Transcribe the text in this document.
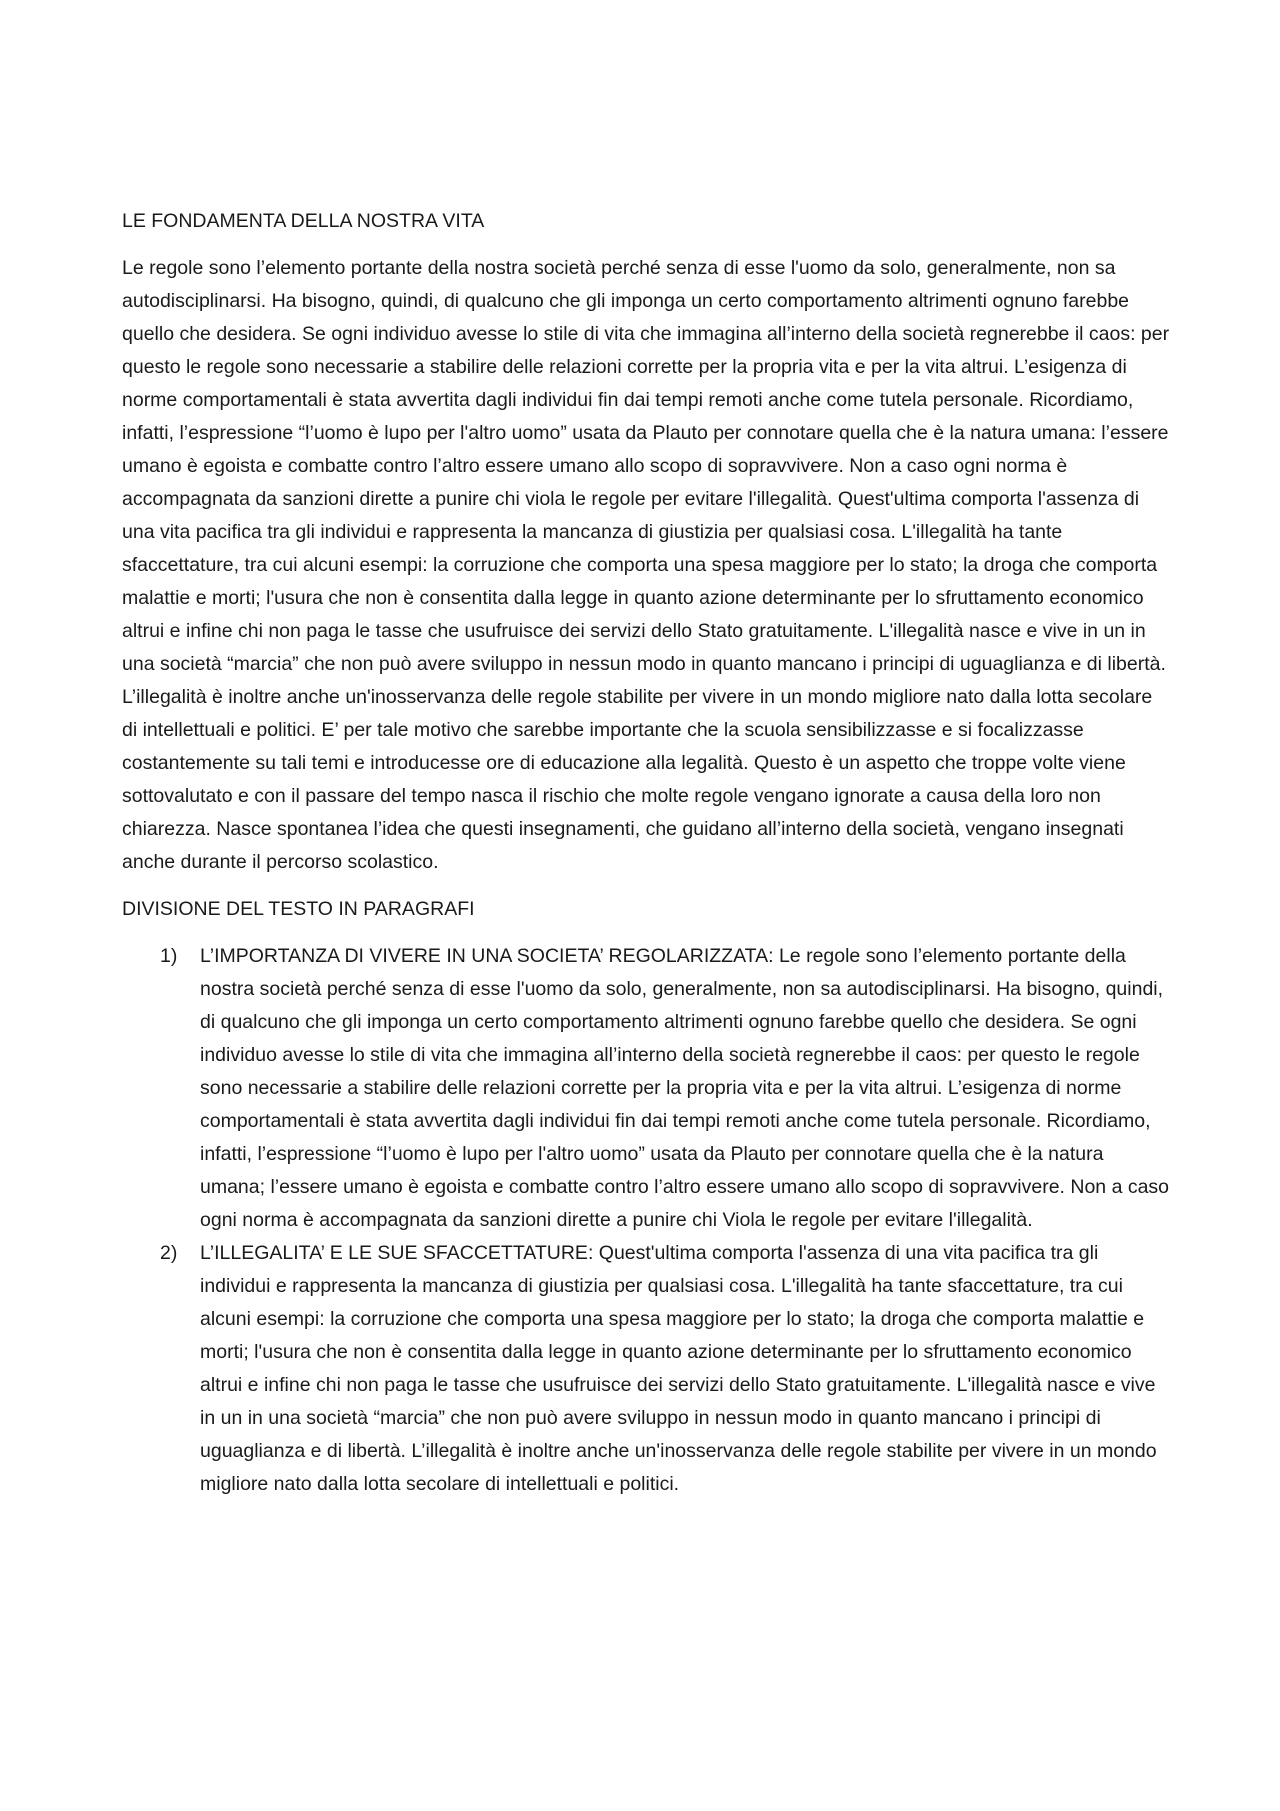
LE FONDAMENTA DELLA NOSTRA VITA

Le regole sono l’elemento portante della nostra società perché senza di esse l'uomo da solo, generalmente, non sa autodisciplinarsi. Ha bisogno, quindi, di qualcuno che gli imponga un certo comportamento altrimenti ognuno farebbe quello che desidera. Se ogni individuo avesse lo stile di vita che immagina all’interno della società regnerebbe il caos: per questo le regole sono necessarie a stabilire delle relazioni corrette per la propria vita e per la vita altrui. L’esigenza di norme comportamentali è stata avvertita dagli individui fin dai tempi remoti anche come tutela personale. Ricordiamo, infatti, l’espressione “l’uomo è lupo per l'altro uomo” usata da Plauto per connotare quella che è la natura umana: l’essere umano è egoista e combatte contro l’altro essere umano allo scopo di sopravvivere. Non a caso ogni norma è accompagnata da sanzioni dirette a punire chi viola le regole per evitare l'illegalità. Quest'ultima comporta l'assenza di una vita pacifica tra gli individui e rappresenta la mancanza di giustizia per qualsiasi cosa. L'illegalità ha tante sfaccettature, tra cui alcuni esempi: la corruzione che comporta una spesa maggiore per lo stato; la droga che comporta malattie e morti; l'usura che non è consentita dalla legge in quanto azione determinante per lo sfruttamento economico altrui e infine chi non paga le tasse che usufruisce dei servizi dello Stato gratuitamente. L'illegalità nasce e vive in un in una società “marcia” che non può avere sviluppo in nessun modo in quanto mancano i principi di uguaglianza e di libertà. L’illegalità è inoltre anche un'inosservanza delle regole stabilite per vivere in un mondo migliore nato dalla lotta secolare di intellettuali e politici. E’ per tale motivo che sarebbe importante che la scuola sensibilizzasse e si focalizzasse costantemente su tali temi e introducesse ore di educazione alla legalità. Questo è un aspetto che troppe volte viene sottovalutato e con il passare del tempo nasca il rischio che molte regole vengano ignorate a causa della loro non chiarezza. Nasce spontanea l’idea che questi insegnamenti, che guidano all’interno della società, vengano insegnati anche durante il percorso scolastico.

DIVISIONE DEL TESTO IN PARAGRAFI

1) L’IMPORTANZA DI VIVERE IN UNA SOCIETA’ REGOLARIZZATA: Le regole sono l’elemento portante della nostra società perché senza di esse l'uomo da solo, generalmente, non sa autodisciplinarsi. Ha bisogno, quindi, di qualcuno che gli imponga un certo comportamento altrimenti ognuno farebbe quello che desidera. Se ogni individuo avesse lo stile di vita che immagina all’interno della società regnerebbe il caos: per questo le regole sono necessarie a stabilire delle relazioni corrette per la propria vita e per la vita altrui. L’esigenza di norme comportamentali è stata avvertita dagli individui fin dai tempi remoti anche come tutela personale. Ricordiamo, infatti, l’espressione “l’uomo è lupo per l'altro uomo” usata da Plauto per connotare quella che è la natura umana; l’essere umano è egoista e combatte contro l’altro essere umano allo scopo di sopravvivere. Non a caso ogni norma è accompagnata da sanzioni dirette a punire chi Viola le regole per evitare l'illegalità.
2) L’ILLEGALITA’ E LE SUE SFACCETTATURE: Quest'ultima comporta l'assenza di una vita pacifica tra gli individui e rappresenta la mancanza di giustizia per qualsiasi cosa. L'illegalità ha tante sfaccettature, tra cui alcuni esempi: la corruzione che comporta una spesa maggiore per lo stato; la droga che comporta malattie e morti; l'usura che non è consentita dalla legge in quanto azione determinante per lo sfruttamento economico altrui e infine chi non paga le tasse che usufruisce dei servizi dello Stato gratuitamente. L'illegalità nasce e vive in un in una società “marcia” che non può avere sviluppo in nessun modo in quanto mancano i principi di uguaglianza e di libertà. L’illegalità è inoltre anche un'inosservanza delle regole stabilite per vivere in un mondo migliore nato dalla lotta secolare di intellettuali e politici.
